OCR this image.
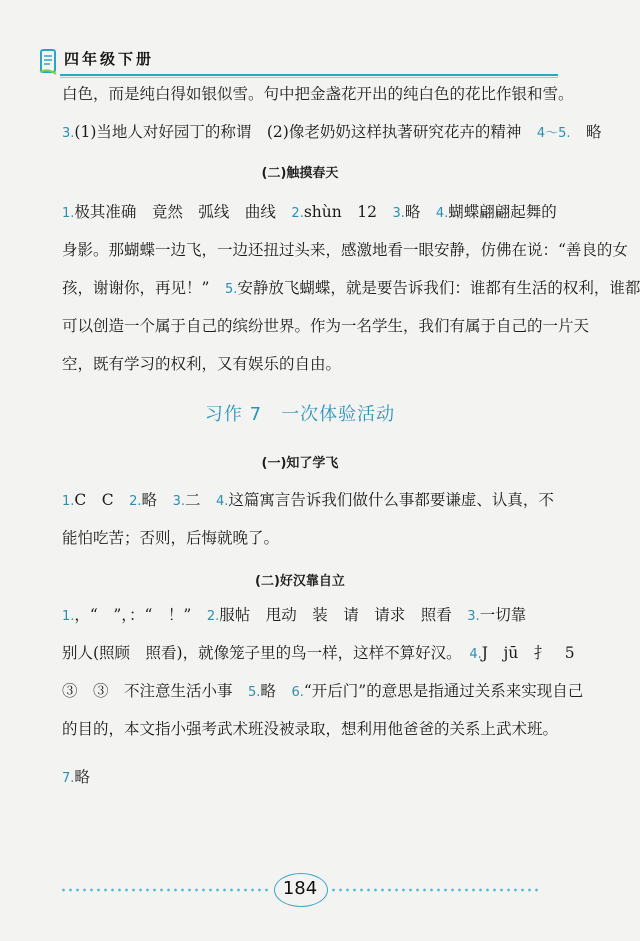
四年级下册
白色，而是纯白得如银似雪。句中把金盏花开出的纯白色的花比作银和雪。
3.(1)当地人对好园丁的称谓　(2)像老奶奶这样执著研究花卉的精神　4～5.　略
(二)触摸春天
1.极其准确　竟然　弧线　曲线　2.shùn　12　3.略　4.蝴蝶翩翩起舞的
身影。那蝴蝶一边飞，一边还扭过头来，感激地看一眼安静，仿佛在说：“善良的女
孩，谢谢你，再见！”　5.安静放飞蝴蝶，就是要告诉我们：谁都有生活的权利，谁都
可以创造一个属于自己的缤纷世界。作为一名学生，我们有属于自己的一片天
空，既有学习的权利，又有娱乐的自由。
习作 7　一次体验活动
(一)知了学飞
1.C　C　2.略　3.二　4.这篇寓言告诉我们做什么事都要谦虚、认真，不
能怕吃苦；否则，后悔就晚了。
(二)好汉靠自立
1.，“　”，：“　！”　2.服帖　甩动　装　请　请求　照看　3.一切靠
别人(照顾　照看)，就像笼子里的鸟一样，这样不算好汉。　4.J　jū　扌　5
③　③　不注意生活小事　5.略　6.“开后门”的意思是指通过关系来实现自己
的目的，本文指小强考武术班没被录取，想利用他爸爸的关系上武术班。
7.略
184
